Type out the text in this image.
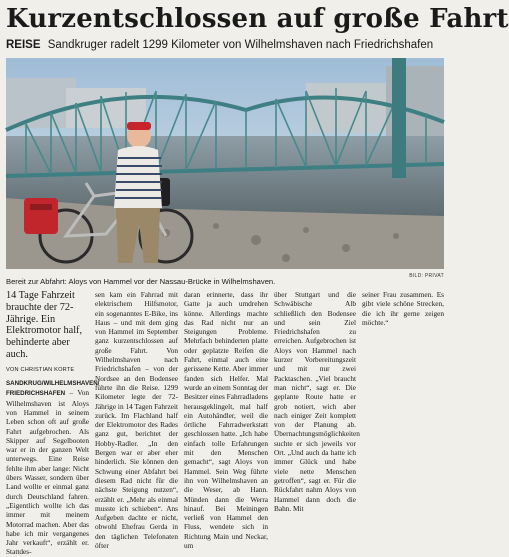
Kurzentschlossen auf große Fahrt
REISE Sandkruger radelt 1299 Kilometer von Wilhelmshaven nach Friedrichshafen
Bereit zur Abfahrt: Aloys von Hammel vor der Nassau-Brücke in Wilhelmshaven.
BILD: PRIVAT

14 Tage Fahrzeit brauchte der 72-Jährige. Ein Elektromotor half, behinderte aber auch.

VON CHRISTIAN KORTE

SANDKRUG/WILHELMSHAVEN/ FRIEDRICHSHAFEN – Von Wilhelmshaven ist Aloys von Hammel in seinem Leben schon oft auf große Fahrt aufgebrochen. Als Skipper auf Segelbooten war er in der ganzen Welt unterwegs. Eine Reise fehlte ihm aber lange: Nicht übers Wasser, sondern über Land wollte er einmal ganz durch Deutschland fahren. „Eigentlich wollte ich das immer mit meinem Motorrad machen. Aber das habe ich mir vergangenes Jahr verkauft“, erzählt er. Stattdes-

sen kam ein Fahrrad mit elektrischem Hilfsmotor, ein sogenanntes E-Bike, ins Haus – und mit dem ging von Hammel im September ganz kurzentschlossen auf große Fahrt. Von Wilhelmshaven nach Friedrichshafen – von der Nordsee an den Bodensee führte ihn die Reise. 1299 Kilometer legte der 72-Jährige in 14 Tagen Fahrzeit zurück. Im Flachland half der Elektromotor des Rades ganz gut, berichtet der Hobby-Radler. „In den Bergen war er aber eher hinderlich. Sie können den Schwung einer Abfahrt bei diesem Rad nicht für die nächste Steigung nutzen“, erzählt er. „Mehr als einmal musste ich schieben“. Ans Aufgeben dachte er nicht, obwohl Ehefrau Gerda in den täglichen Telefonaten öfter

daran erinnerte, dass ihr Gatte ja auch umdrehen könne. Allerdings machte das Rad nicht nur an Steigungen Probleme. Mehrfach behinderten platte oder geplatzte Reifen die Fahrt, einmal auch eine gerissene Kette. Aber immer fanden sich Helfer. Mal wurde an einem Sonntag der Besitzer eines Fahrradladens herausgeklingelt, mal half ein Autohändler, weil die örtliche Fahrradwerkstatt geschlossen hatte. „Ich habe einfach tolle Erfahrungen mit den Menschen gemacht“, sagt Aloys von Hammel. Sein Weg führte ihn von Wilhelmshaven an die Weser, ab Hann. Münden dann die Werra hinauf. Bei Meiningen verließ von Hammel den Fluss, wendete sich in Richtung Main und Neckar, um

über Stuttgart und die Schwäbische Alb schließlich den Bodensee und sein Ziel Friedrichshafen zu erreichen. Aufgebrochen ist Aloys von Hammel nach kurzer Vorbereitungszeit und mit nur zwei Packtaschen. „Viel braucht man nicht“, sagt er. Die geplante Route hatte er grob notiert, wich aber nach einiger Zeit komplett von der Planung ab. Übernachtungsmöglichkeiten suchte er sich jeweils vor Ort. „Und auch da hatte ich immer Glück und habe viele nette Menschen getroffen“, sagt er. Für die Rückfahrt nahm Aloys von Hammel dann doch die Bahn. Mit

seiner Frau zusammen. Es gibt viele schöne Strecken, die ich ihr gerne zeigen möchte.“
